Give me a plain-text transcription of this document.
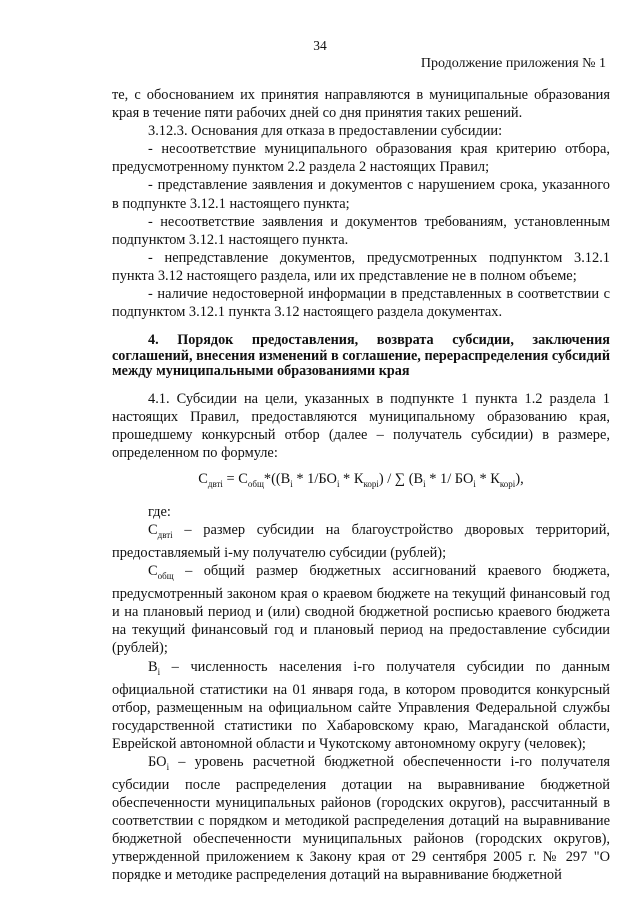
34
Продолжение приложения № 1

те, с обоснованием их принятия направляются в муниципальные образования края в течение пяти рабочих дней со дня принятия таких решений.

3.12.3. Основания для отказа в предоставлении субсидии:

- несоответствие муниципального образования края критерию отбора, предусмотренному пунктом 2.2 раздела 2 настоящих Правил;

- представление заявления и документов с нарушением срока, указанного в подпункте 3.12.1 настоящего пункта;

- несоответствие заявления и документов требованиям, установленным подпунктом 3.12.1 настоящего пункта.

- непредставление документов, предусмотренных подпунктом 3.12.1 пункта 3.12 настоящего раздела, или их представление не в полном объеме;

- наличие недостоверной информации в представленных в соответствии с подпунктом 3.12.1 пункта 3.12 настоящего раздела документах.

4. Порядок предоставления, возврата субсидии, заключения соглашений, внесения изменений в соглашение, перераспределения субсидий между муниципальными образованиями края

4.1. Субсидии на цели, указанных в подпункте 1 пункта 1.2 раздела 1 настоящих Правил, предоставляются муниципальному образованию края, прошедшему конкурсный отбор (далее – получатель субсидии) в размере, определенном по формуле:

$С_{двтi} = С_{общ}*((В_i * 1/БО_i * К_{корi})$ / ∑ ($В_i * 1/$ $БО_i * К_{корi}$),

где:

$С_{двтi}$ – размер субсидии на благоустройство дворовых территорий, предоставляемый i-му получателю субсидии (рублей);

$С_{общ}$ – общий размер бюджетных ассигнований краевого бюджета, предусмотренный законом края о краевом бюджете на текущий финансовый год и на плановый период и (или) сводной бюджетной росписью краевого бюджета на текущий финансовый год и плановый период на предоставление субсидии (рублей);

$В_i$ – численность населения i-го получателя субсидии по данным официальной статистики на 01 января года, в котором проводится конкурсный отбор, размещенным на официальном сайте Управления Федеральной службы государственной статистики по Хабаровскому краю, Магаданской области, Еврейской автономной области и Чукотскому автономному округу (человек);

$БО_i$ – уровень расчетной бюджетной обеспеченности i-го получателя субсидии после распределения дотации на выравнивание бюджетной обеспеченности муниципальных районов (городских округов), рассчитанный в соответствии с порядком и методикой распределения дотаций на выравнивание бюджетной обеспеченности муниципальных районов (городских округов), утвержденной приложением к Закону края от 29 сентября 2005 г. № 297 "О порядке и методике распределения дотаций на выравнивание бюджетной
